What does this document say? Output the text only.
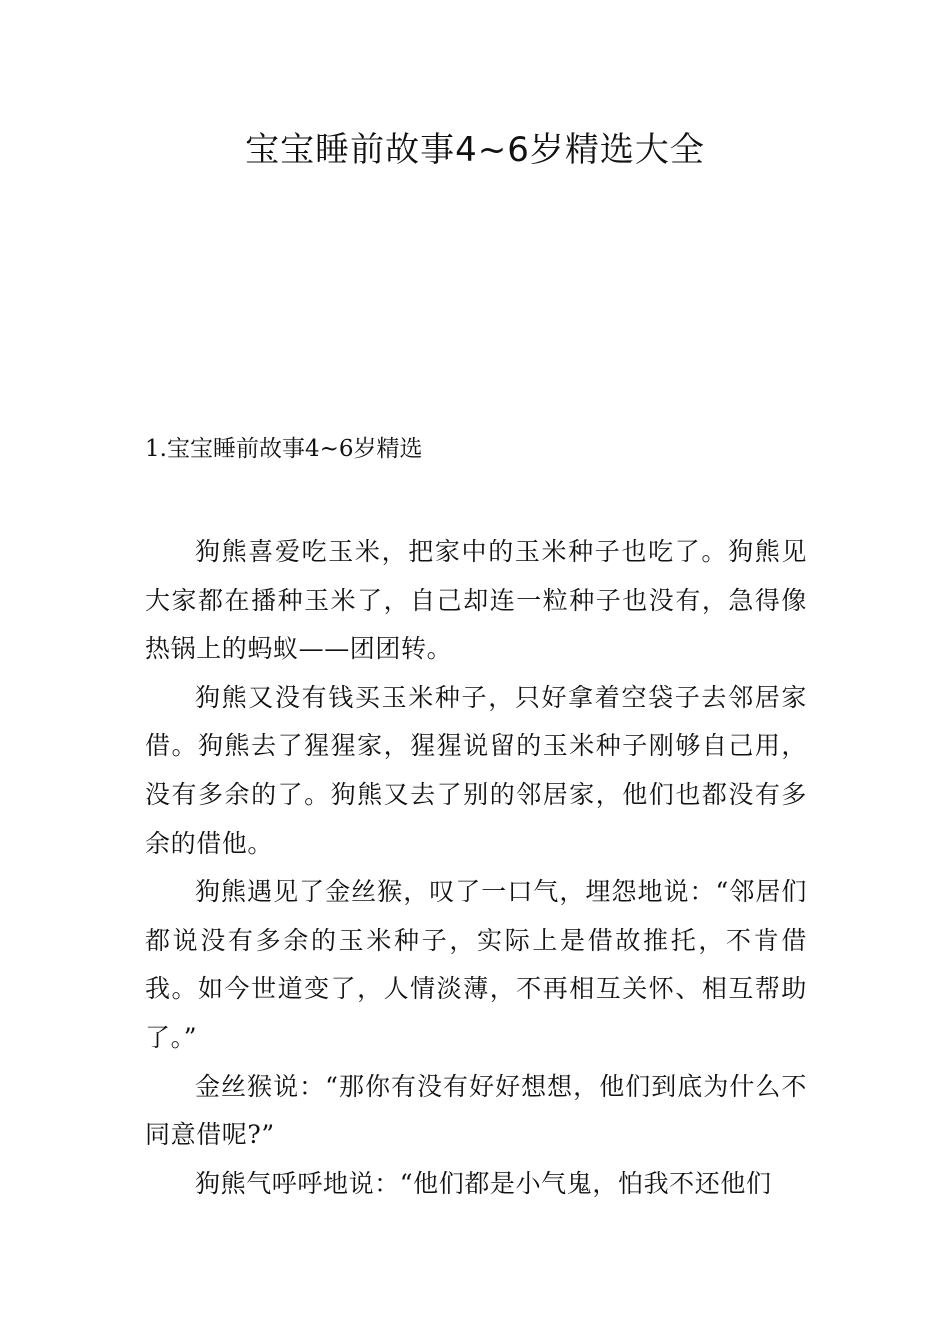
宝宝睡前故事4~6岁精选大全
1.宝宝睡前故事4~6岁精选

狗熊喜爱吃玉米，把家中的玉米种子也吃了。狗熊见大家都在播种玉米了，自己却连一粒种子也没有，急得像热锅上的蚂蚁——团团转。

狗熊又没有钱买玉米种子，只好拿着空袋子去邻居家借。狗熊去了猩猩家，猩猩说留的玉米种子刚够自己用，没有多余的了。狗熊又去了别的邻居家，他们也都没有多余的借他。

狗熊遇见了金丝猴，叹了一口气，埋怨地说：“邻居们都说没有多余的玉米种子，实际上是借故推托，不肯借我。如今世道变了，人情淡薄，不再相互关怀、相互帮助了。”

金丝猴说：“那你有没有好好想想，他们到底为什么不同意借呢?”

狗熊气呼呼地说：“他们都是小气鬼，怕我不还他们
